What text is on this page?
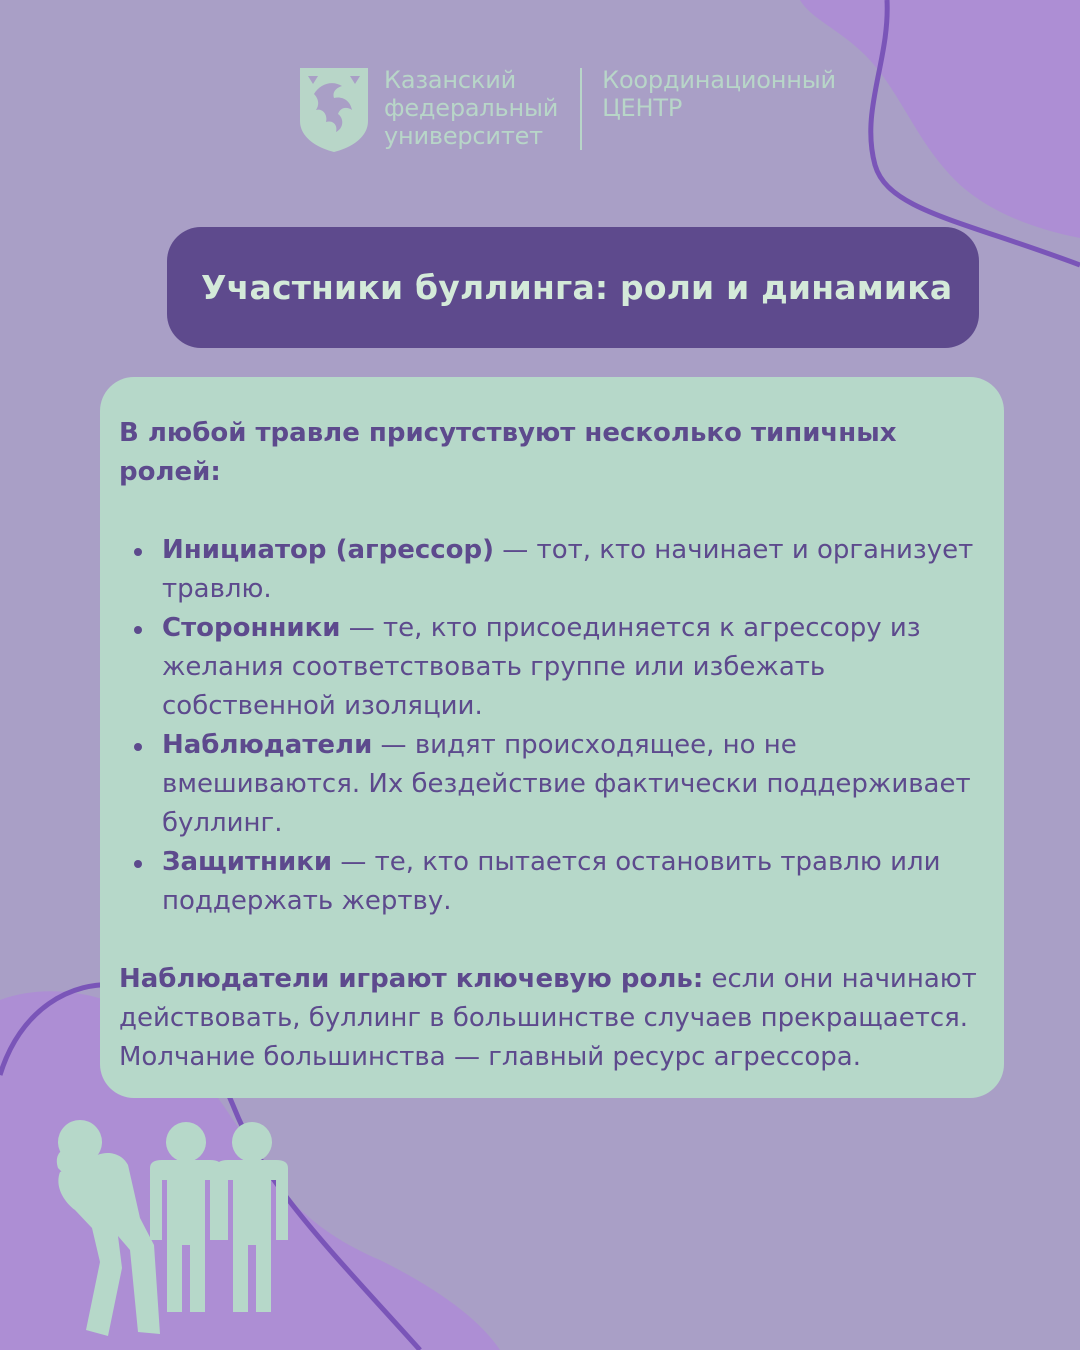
Казанский
федеральный
университет
Координационный
ЦЕНТР
Участники буллинга: роли и динамика

В любой травле присутствуют несколько типичных ролей:

Инициатор (агрессор) — тот, кто начинает и организует травлю.
Сторонники — те, кто присоединяется к агрессору из желания соответствовать группе или избежать собственной изоляции.
Наблюдатели — видят происходящее, но не вмешиваются. Их бездействие фактически поддерживает буллинг.
Защитники — те, кто пытается остановить травлю или поддержать жертву.

Наблюдатели играют ключевую роль: если они начинают действовать, буллинг в большинстве случаев прекращается. Молчание большинства — главный ресурс агрессора.
